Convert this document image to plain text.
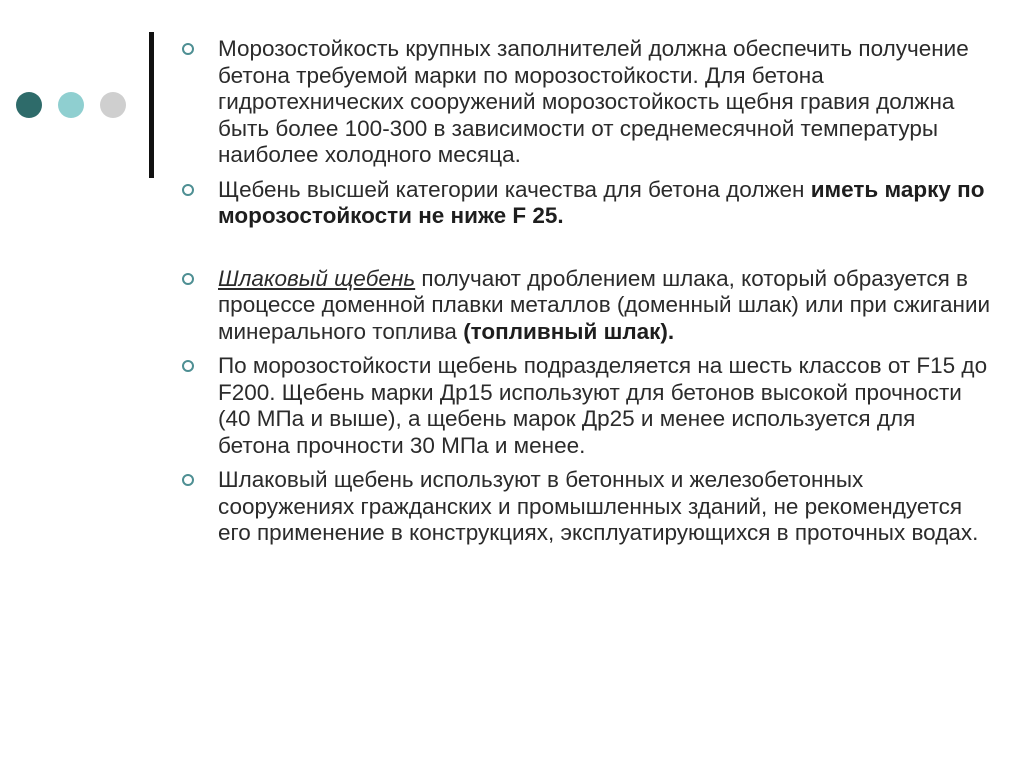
Морозостойкость крупных заполнителей должна обеспечить получение бетона требуемой марки по морозостойкости. Для бетона гидротехнических сооружений морозостойкость щебня гравия должна быть более 100-300 в зависимости от среднемесячной температуры наиболее холодного месяца.

Щебень высшей категории качества для бетона должен иметь марку по морозостойкости не ниже F 25.

Шлаковый щебень получают дроблением шлака, который образуется в процессе доменной плавки металлов (доменный шлак) или при сжигании минерального топлива (топливный шлак).

По морозостойкости щебень подразделяется на шесть классов от F15 до F200. Щебень марки Др15 используют для бетонов высокой прочности (40 МПа и выше), а щебень марок Др25 и менее используется для бетона прочности 30 МПа и менее.

Шлаковый щебень используют в бетонных и железобетонных сооружениях гражданских и промышленных зданий, не рекомендуется его применение в конструкциях, эксплуатирующихся в проточных водах.
